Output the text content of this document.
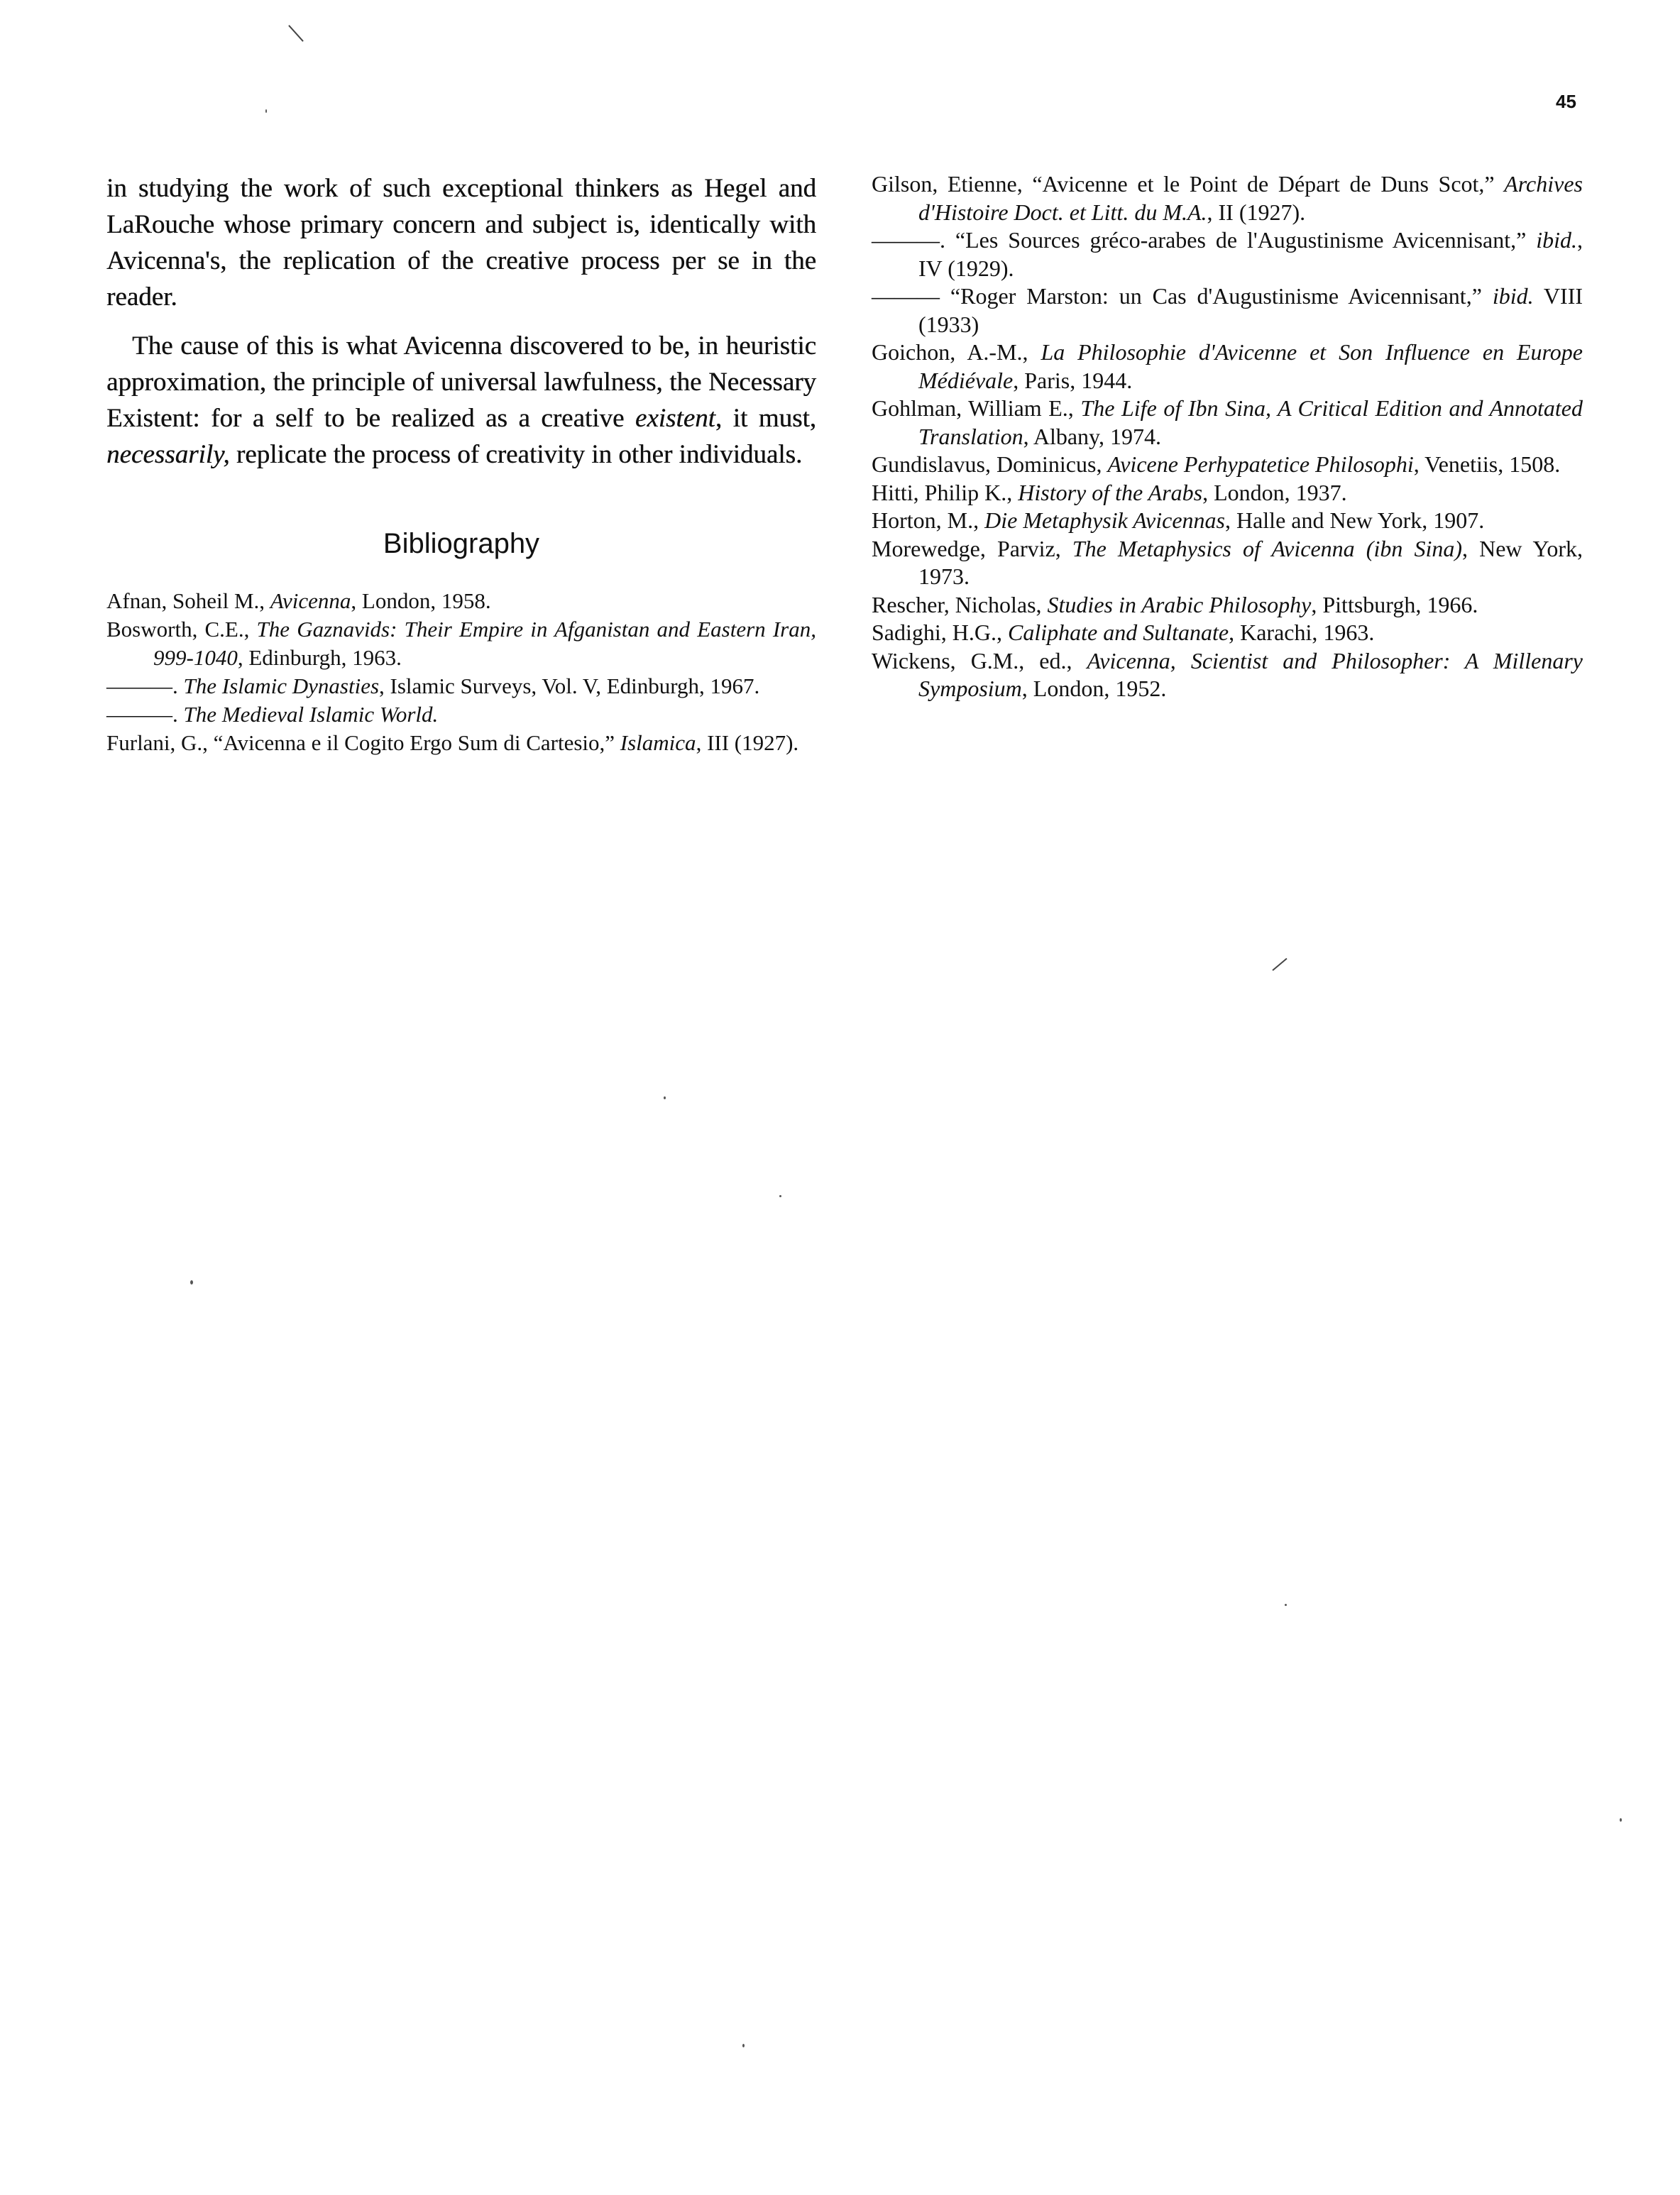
45

in studying the work of such exceptional thinkers as Hegel and LaRouche whose primary concern and subject is, identically with Avicenna's, the replication of the creative process per se in the reader.

The cause of this is what Avicenna discovered to be, in heuristic approximation, the principle of universal lawfulness, the Necessary Existent: for a self to be realized as a creative existent, it must, necessarily, replicate the process of creativity in other individuals.

Bibliography
Afnan, Soheil M., Avicenna, London, 1958.
Bosworth, C.E., The Gaznavids: Their Empire in Afganistan and Eastern Iran, 999-1040, Edinburgh, 1963.
———. The Islamic Dynasties, Islamic Surveys, Vol. V, Edinburgh, 1967.
———. The Medieval Islamic World.
Furlani, G., “Avicenna e il Cogito Ergo Sum di Cartesio,” Islamica, III (1927).
Gilson, Etienne, “Avicenne et le Point de Départ de Duns Scot,” Archives d'Histoire Doct. et Litt. du M.A., II (1927).
———. “Les Sources gréco-arabes de l'Augustinisme Avicennisant,” ibid., IV (1929).
——— “Roger Marston: un Cas d'Augustinisme Avicennisant,” ibid. VIII (1933)
Goichon, A.-M., La Philosophie d'Avicenne et Son Influence en Europe Médiévale, Paris, 1944.
Gohlman, William E., The Life of Ibn Sina, A Critical Edition and Annotated Translation, Albany, 1974.
Gundislavus, Dominicus, Avicene Perhypatetice Philosophi, Venetiis, 1508.
Hitti, Philip K., History of the Arabs, London, 1937.
Horton, M., Die Metaphysik Avicennas, Halle and New York, 1907.
Morewedge, Parviz, The Metaphysics of Avicenna (ibn Sina), New York, 1973.
Rescher, Nicholas, Studies in Arabic Philosophy, Pittsburgh, 1966.
Sadighi, H.G., Caliphate and Sultanate, Karachi, 1963.
Wickens, G.M., ed., Avicenna, Scientist and Philosopher: A Millenary Symposium, London, 1952.
